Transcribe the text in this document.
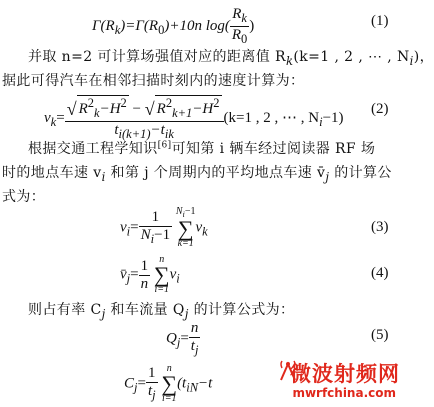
$\Gamma(R_k)=\Gamma(R_0)+10n$ $\log( \frac{R_k}{R_0}$ )	(1)
并取 n=2 可计算场强值对应的距离值 $R_k(k=1$ , 2 , ⋯ , $N_i$)，
据此可得汽车在相邻扫描时刻内的速度计算为：
$v_k= \frac{√ R^2_k-H^2 - √ R^2_{k+1}-H^2}{t_{i(k+1)}-t_{ik}} (k=1$ , 2 , ⋯ , $N_i-1$)
(2)
根据交通工程学知识[6]可知第 i 辆车经过阅读器 RF 场
时的地点车速 $v_i$ 和第 j 个周期内的平均地点车速 $v̄_j$ 的计算公
式为：
$v_i= \frac{1}{N_i-1}$
$N_i-1$
∑
k=1
$v_k$	(3)
$v̄_j= \frac{1}{n}$
n
∑
i=1
$v_i$	(4)
则占有率 $C_j$ 和车流量 $Q_j$ 的计算公式为：
$Q_j= \frac{n}{t_j}$	(5)
$C_j= \frac{1}{t_j}$
n
∑
i=1
($t_{iN}-t$	微波射频网
mwrfchina.com
